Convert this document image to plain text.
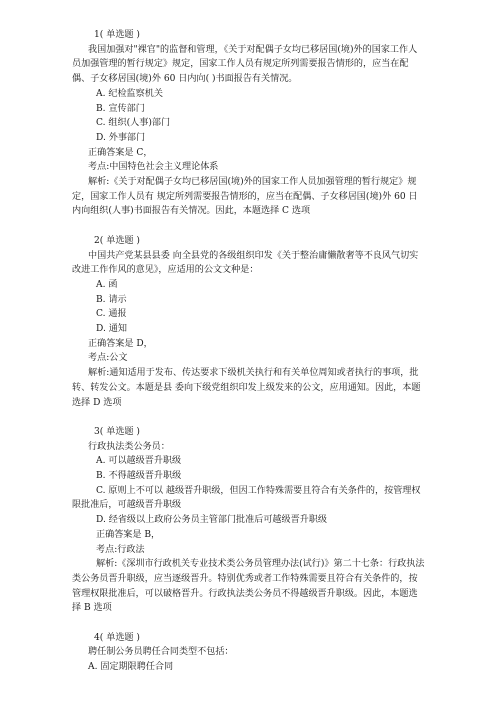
1( 单选题 )
我国加强对"裸官"的监督和管理，《关于对配偶子女均已移居国(境)外的国家工作人员加强管理的暂行规定》规定，国家工作人员有规定所列需要报告情形的，应当在配偶、子女移居国(境)外 60 日内向( )书面报告有关情况。
A. 纪检监察机关
B. 宣传部门
C. 组织(人事)部门
D. 外事部门
正确答案是 C，
考点:中国特色社会主义理论体系
解析:《关于对配偶子女均已移居国(境)外的国家工作人员加强管理的暂行规定》规定，国家工作人员有 规定所列需要报告情形的，应当在配偶、子女移居国(境)外 60 日内向组织(人事)书面报告有关情况。因此，本题选择 C 选项
2( 单选题 )
中国共产党某县县委 向全县党的各级组织印发《关于整治庸懒散奢等不良风气切实改进工作作风的意见》，应适用的公文文种是：
A. 函
B. 请示
C. 通报
D. 通知
正确答案是 D，
考点:公文
解析:通知适用于发布、传达要求下级机关执行和有关单位周知或者执行的事项，批转、转发公文。本题是县 委向下级党组织印发上级发来的公文，应用通知。因此，本题选择 D 选项
3( 单选题 )
行政执法类公务员：
A. 可以越级晋升职级
B. 不得越级晋升职级
C. 原则上不可以 越级晋升职级，但因工作特殊需要且符合有关条件的，按管理权限批准后，可越级晋升职级
D. 经省级以上政府公务员主管部门批准后可越级晋升职级
正确答案是 B，
考点:行政法
解析:《深圳市行政机关专业技术类公务员管理办法(试行)》第二十七条：行政执法类公务员晋升职级，应当逐级晋升。特别优秀或者工作特殊需要且符合有关条件的，按管理权限批准后，可以破格晋升。行政执法类公务员不得越级晋升职级。因此，本题选择 B 选项
4( 单选题 )
聘任制公务员聘任合同类型不包括：
A. 固定期限聘任合同
